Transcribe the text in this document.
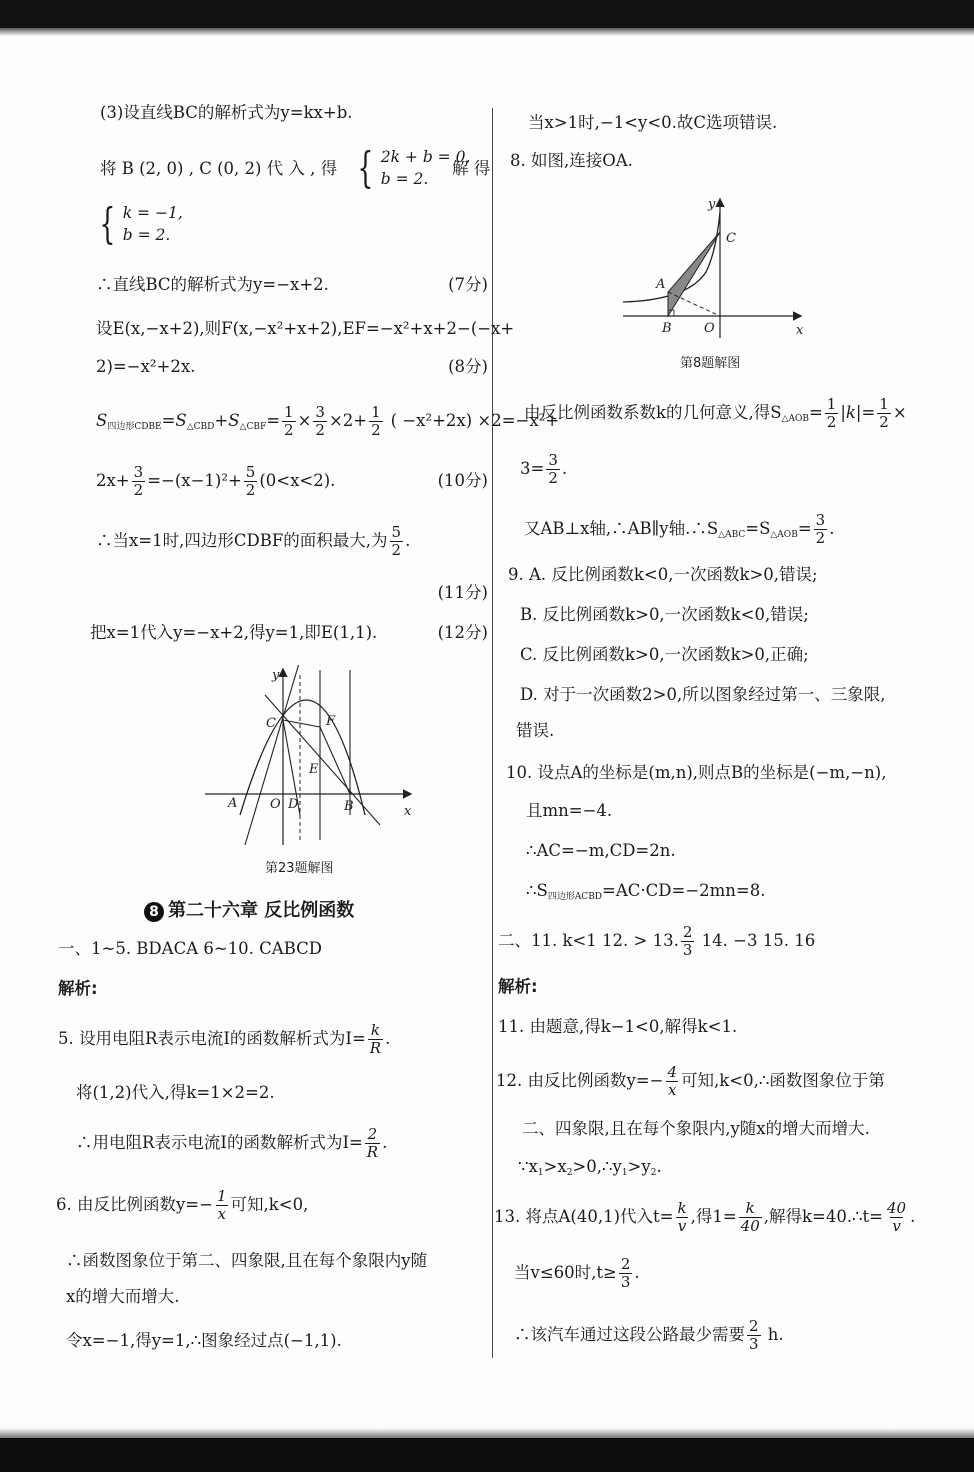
(3)设直线BC的解析式为y=kx+b.
将 B (2, 0) , C (0, 2) 代 入 , 得 { 2k + b = 0,
b = 2.
解 得
{ k = −1,
b = 2.
∴直线BC的解析式为y=−x+2.	(7分)
设E(x,−x+2),则F(x,−x²+x+2),EF=−x²+x+2−(−x+
2)=−x²+2x.	(8分)
$S_{四边形CDBE}=S_{\triangle CBD}+S_{\triangle CBF}= \frac{1}{2} \times \frac{3}{2} \times 2+ \frac{1}{2}$ ( −x²+2x) ×2=−x²+
$2x+ \frac{3}{2} =-(x-1)^2+ \frac{5}{2} (0<x<2)$.	(10分)
∴当x=1时,四边形CDBF的面积最大,为 $\frac{5}{2}$ .
(11分)
把x=1代入y=−x+2,得y=1,即E(1,1).	(12分)
y
x
C	F
E
A	O D	B
第23题解图
8 第二十六章 反比例函数
一、1~5. BDACA 6~10. CABCD
解析:
5. 设用电阻R表示电流I的函数解析式为$I= \frac{k}{R}$ .
将(1,2)代入,得k=1×2=2.
∴用电阻R表示电流I的函数解析式为$I= \frac{2}{R}$ .
6. 由反比例函数$y=- \frac{1}{x}$ 可知,k<0,
∴函数图象位于第二、四象限,且在每个象限内y随
x的增大而增大.
令x=−1,得y=1,∴图象经过点(−1,1).
当x>1时,−1<y<0.故C选项错误.
8. 如图,连接OA.
y
x
C
A
B O
第8题解图
由反比例函数系数k的几何意义,得$S_{\triangle AOB}= \frac{1}{2} |k|= \frac{1}{2}$ ×
$3= \frac{3}{2}$ .
又AB⊥x轴,∴AB∥y轴$.\therefore S_{\triangle ABC}=S_{\triangle AOB}= \frac{3}{2}$ .
9. A. 反比例函数k<0,一次函数k>0,错误;
B. 反比例函数k>0,一次函数k<0,错误;
C. 反比例函数k>0,一次函数k>0,正确;
D. 对于一次函数2>0,所以图象经过第一、三象限,
错误.
10. 设点A的坐标是(m,n),则点B的坐标是(−m,−n),
且mn=−4.
∴AC=−m,CD=2n.
$\therefore S_{四边形ACBD}=AC\cdot CD=-2mn=8$.
二、11. k<1 12. > 13. $\frac{2}{3} 14$. −3 15. 16
解析:
11. 由题意,得k−1<0,解得k<1.
12. 由反比例函数$y=- \frac{4}{x}$ 可知,k<0,∴函数图象位于第
二、四象限,且在每个象限内,y随x的增大而增大.
$\because x_1>x_2>0,\therefore y_1>y_2$.
13. 将点A(40,1)代入$t= \frac{k}{v}$ ,得$1= \frac{k}{40}$ ,解得k=40.∴t= $\frac{40}{v}$ .
当v≤60时$,t\ge \frac{2}{3}$ .
∴该汽车通过这段公路最少需要 $\frac{2}{3} h$.
